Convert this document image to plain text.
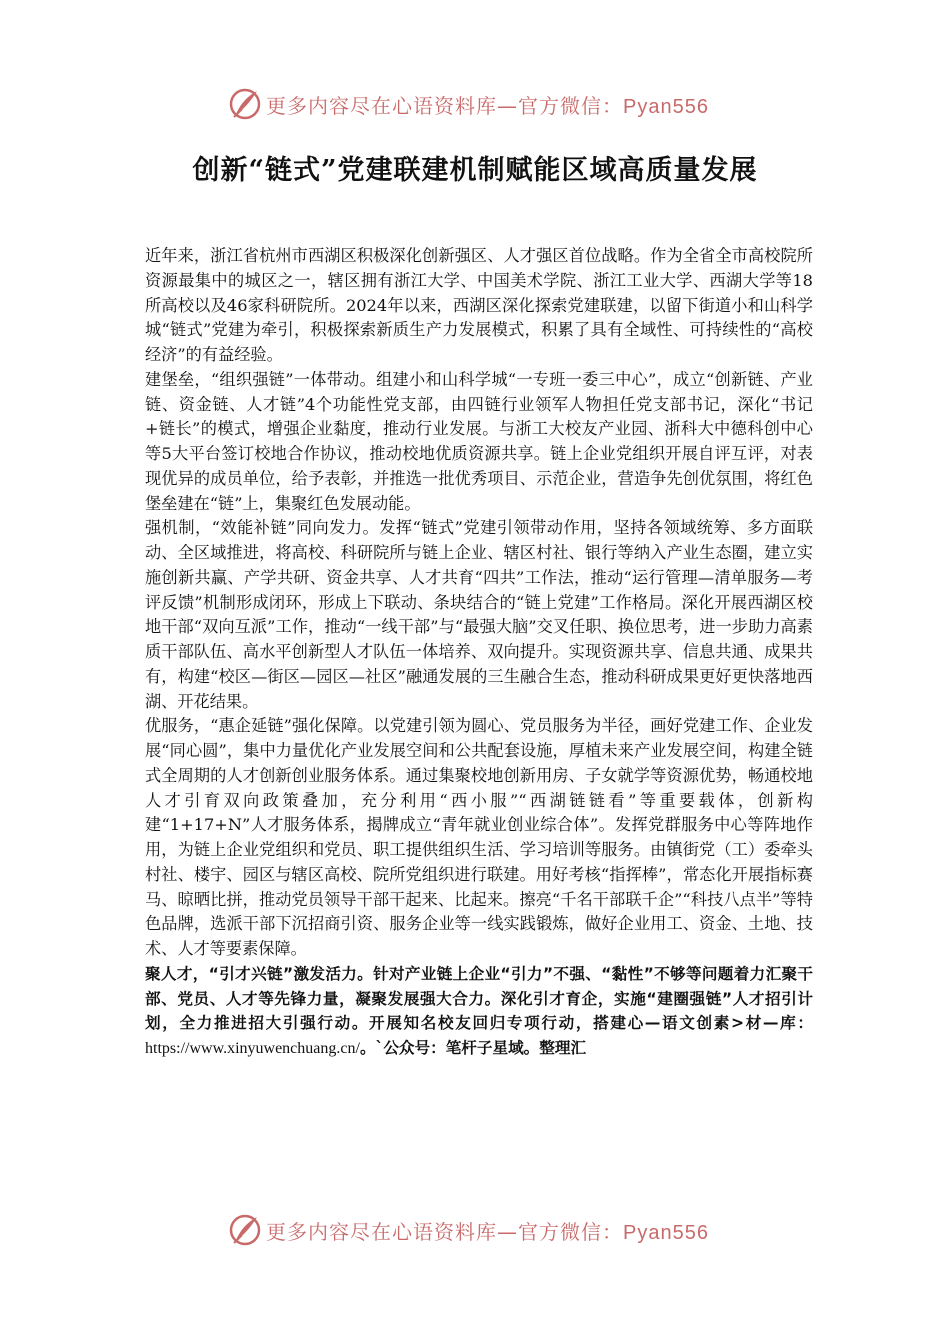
更多内容尽在心语资料库—官方微信：Pyan556
创新“链式”党建联建机制赋能区域高质量发展

近年来，浙江省杭州市西湖区积极深化创新强区、人才强区首位战略。作为全省全市高校院所资源最集中的城区之一，辖区拥有浙江大学、中国美术学院、浙江工业大学、西湖大学等18所高校以及46家科研院所。2024年以来，西湖区深化探索党建联建，以留下街道小和山科学城“链式”党建为牵引，积极探索新质生产力发展模式，积累了具有全域性、可持续性的“高校经济”的有益经验。

建堡垒，“组织强链”一体带动。组建小和山科学城“一专班一委三中心”，成立“创新链、产业链、资金链、人才链”4个功能性党支部，由四链行业领军人物担任党支部书记，深化“书记+链长”的模式，增强企业黏度，推动行业发展。与浙工大校友产业园、浙科大中德科创中心等5大平台签订校地合作协议，推动校地优质资源共享。链上企业党组织开展自评互评，对表现优异的成员单位，给予表彰，并推选一批优秀项目、示范企业，营造争先创优氛围，将红色堡垒建在“链”上，集聚红色发展动能。

强机制，“效能补链”同向发力。发挥“链式”党建引领带动作用，坚持各领域统筹、多方面联动、全区域推进，将高校、科研院所与链上企业、辖区村社、银行等纳入产业生态圈，建立实施创新共赢、产学共研、资金共享、人才共育“四共”工作法，推动“运行管理—清单服务—考评反馈”机制形成闭环，形成上下联动、条块结合的“链上党建”工作格局。深化开展西湖区校地干部“双向互派”工作，推动“一线干部”与“最强大脑”交叉任职、换位思考，进一步助力高素质干部队伍、高水平创新型人才队伍一体培养、双向提升。实现资源共享、信息共通、成果共有，构建“校区—街区—园区—社区”融通发展的三生融合生态，推动科研成果更好更快落地西湖、开花结果。

优服务，“惠企延链”强化保障。以党建引领为圆心、党员服务为半径，画好党建工作、企业发展“同心圆”，集中力量优化产业发展空间和公共配套设施，厚植未来产业发展空间，构建全链式全周期的人才创新创业服务体系。通过集聚校地创新用房、子女就学等资源优势，畅通校地人才引育双向政策叠加，充分利用“西小服”“西湖链链看”等重要载体，创新构建“1+17+N”人才服务体系，揭牌成立“青年就业创业综合体”。发挥党群服务中心等阵地作用，为链上企业党组织和党员、职工提供组织生活、学习培训等服务。由镇街党（工）委牵头村社、楼宇、园区与辖区高校、院所党组织进行联建。用好考核“指挥棒”，常态化开展指标赛马、晾晒比拼，推动党员领导干部干起来、比起来。擦亮“千名干部联千企”“科技八点半”等特色品牌，选派干部下沉招商引资、服务企业等一线实践锻炼，做好企业用工、资金、土地、技术、人才等要素保障。

聚人才，“引才兴链”激发活力。针对产业链上企业“引力”不强、“黏性”不够等问题着力汇聚干部、党员、人才等先锋力量，凝聚发展强大合力。深化引才育企，实施“建圈强链”人才招引计划，全力推进招大引强行动。开展知名校友回归专项行动，搭建心—语文创素>材—库：https://www.xinyuwenchuang.cn/。`公众号：笔杆子星域。整理汇

更多内容尽在心语资料库—官方微信：Pyan556
